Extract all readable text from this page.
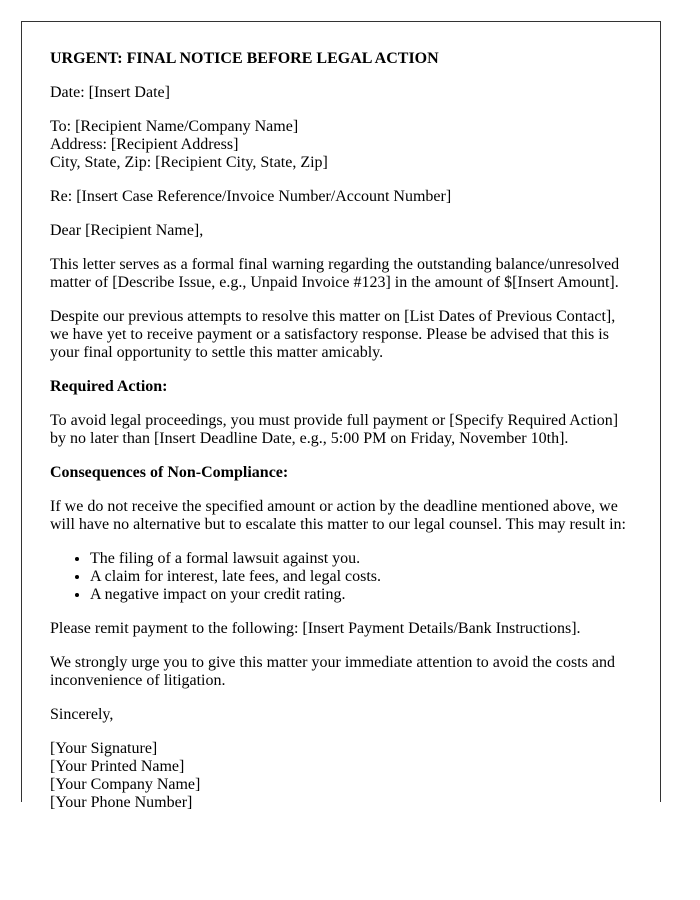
URGENT: FINAL NOTICE BEFORE LEGAL ACTION

Date: [Insert Date]

To: [Recipient Name/Company Name]
Address: [Recipient Address]
City, State, Zip: [Recipient City, State, Zip]

Re: [Insert Case Reference/Invoice Number/Account Number]

Dear [Recipient Name],

This letter serves as a formal final warning regarding the outstanding balance/unresolved matter of [Describe Issue, e.g., Unpaid Invoice #123] in the amount of $[Insert Amount].

Despite our previous attempts to resolve this matter on [List Dates of Previous Contact], we have yet to receive payment or a satisfactory response. Please be advised that this is your final opportunity to settle this matter amicably.

Required Action:

To avoid legal proceedings, you must provide full payment or [Specify Required Action] by no later than [Insert Deadline Date, e.g., 5:00 PM on Friday, November 10th].

Consequences of Non-Compliance:

If we do not receive the specified amount or action by the deadline mentioned above, we will have no alternative but to escalate this matter to our legal counsel. This may result in:

• The filing of a formal lawsuit against you.
• A claim for interest, late fees, and legal costs.
• A negative impact on your credit rating.

Please remit payment to the following: [Insert Payment Details/Bank Instructions].

We strongly urge you to give this matter your immediate attention to avoid the costs and inconvenience of litigation.

Sincerely,

[Your Signature]
[Your Printed Name]
[Your Company Name]
[Your Phone Number]
